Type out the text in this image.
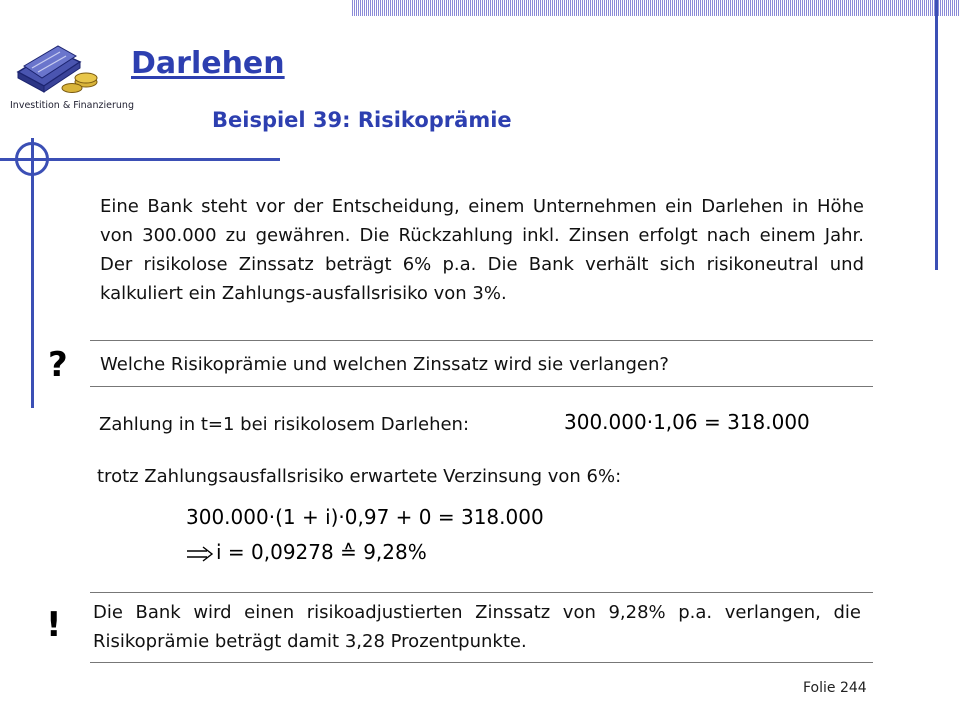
Investition & Finanzierung
Darlehen
Beispiel 39: Risikoprämie
Eine Bank steht vor der Entscheidung, einem Unternehmen ein Darlehen in Höhe von 300.000 zu gewähren. Die Rückzahlung inkl. Zinsen erfolgt nach einem Jahr. Der risikolose Zinssatz beträgt 6% p.a. Die Bank verhält sich risikoneutral und kalkuliert ein Zahlungs-ausfallsrisiko von 3%.
? Welche Risikoprämie und welchen Zinssatz wird sie verlangen?
Zahlung in t=1 bei risikolosem Darlehen:	300.000·1,06 = 318.000
trotz Zahlungsausfallsrisiko erwartete Verzinsung von 6%:
300.000·(1 + i)·0,97 + 0 = 318.000
i = 0,09278 ≙ 9,28%
! Die Bank wird einen risikoadjustierten Zinssatz von 9,28% p.a. verlangen, die Risikoprämie beträgt damit 3,28 Prozentpunkte.
Folie 244
